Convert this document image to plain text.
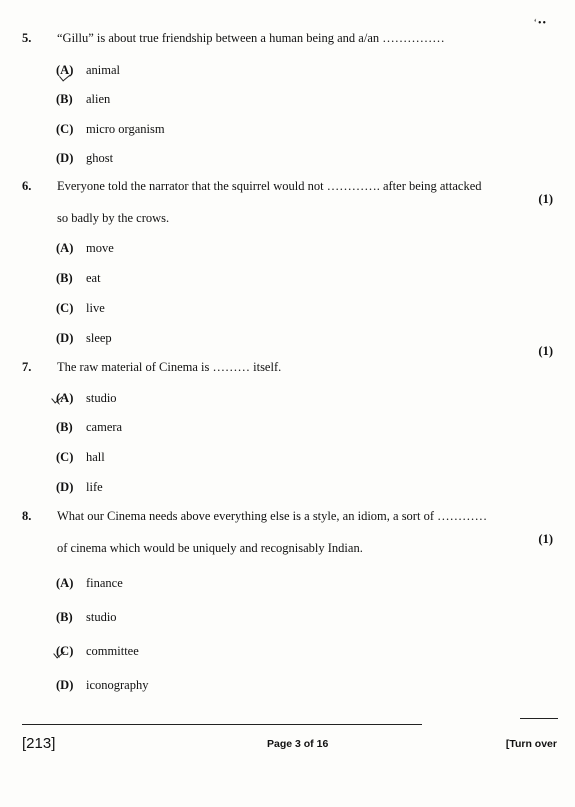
ʻ••
5. “Gillu” is about true friendship between a human being and a/an ……………
(A) animal
(B) alien
(C) micro organism
(D) ghost
6. Everyone told the narrator that the squirrel would not …………. after being attacked
(1)
so badly by the crows.
(A) move
(B) eat
(C) live
(D) sleep
(1)
7. The raw material of Cinema is ……… itself.
(A) studio
(B) camera
(C) hall
(D) life
8. What our Cinema needs above everything else is a style, an idiom, a sort of …………
(1)
of cinema which would be uniquely and recognisably Indian.
(A) finance
(B) studio
(C) committee
(D) iconography
[213]	Page 3 of 16	[Turn over
